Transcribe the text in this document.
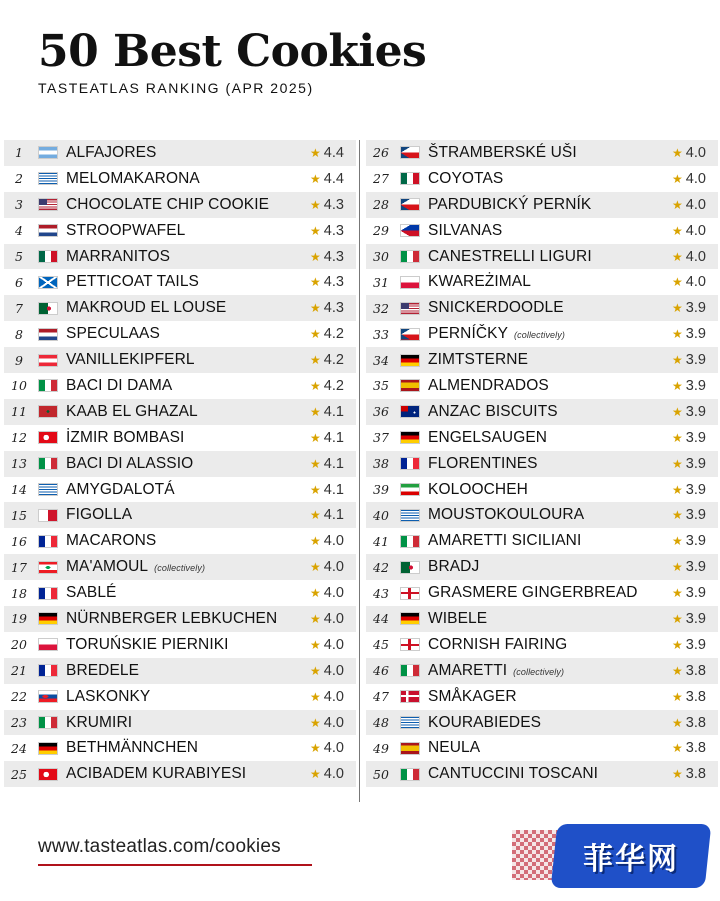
50 Best Cookies
TASTEATLAS RANKING (APR 2025)
1	ALFAJORES	★ 4.4
2	MELOMAKARONA	★ 4.4
3	CHOCOLATE CHIP COOKIE	★ 4.3
4	STROOPWAFEL	★ 4.3
5	MARRANITOS	★ 4.3
6	PETTICOAT TAILS	★ 4.3
7	MAKROUD EL LOUSE	★ 4.3
8	SPECULAAS	★ 4.2
9	VANILLEKIPFERL	★ 4.2
10	BACI DI DAMA	★ 4.2
11	KAAB EL GHAZAL	★ 4.1
12	İZMIR BOMBASI	★ 4.1
13	BACI DI ALASSIO	★ 4.1
14	AMYGDALOTÁ	★ 4.1
15	FIGOLLA	★ 4.1
16	MACARONS	★ 4.0
17	MA'AMOUL (collectively)	★ 4.0
18	SABLÉ	★ 4.0
19	NÜRNBERGER LEBKUCHEN	★ 4.0
20	TORUŃSKIE PIERNIKI	★ 4.0
21	BREDELE	★ 4.0
22	LASKONKY	★ 4.0
23	KRUMIRI	★ 4.0
24	BETHMÄNNCHEN	★ 4.0
25	ACIBADEM KURABIYESI	★ 4.0
26	ŠTRAMBERSKÉ UŠI	★ 4.0
27	COYOTAS	★ 4.0
28	PARDUBICKÝ PERNÍK	★ 4.0
29	SILVANAS	★ 4.0
30	CANESTRELLI LIGURI	★ 4.0
31	KWAREŻIMAL	★ 4.0
32	SNICKERDOODLE	★ 3.9
33	PERNÍČKY (collectively)	★ 3.9
34	ZIMTSTERNE	★ 3.9
35	ALMENDRADOS	★ 3.9
36	ANZAC BISCUITS	★ 3.9
37	ENGELSAUGEN	★ 3.9
38	FLORENTINES	★ 3.9
39	KOLOOCHEH	★ 3.9
40	MOUSTOKOULOURA	★ 3.9
41	AMARETTI SICILIANI	★ 3.9
42	BRADJ	★ 3.9
43	GRASMERE GINGERBREAD	★ 3.9
44	WIBELE	★ 3.9
45	CORNISH FAIRING	★ 3.9
46	AMARETTI (collectively)	★ 3.8
47	SMÅKAGER	★ 3.8
48	KOURABIEDES	★ 3.8
49	NEULA	★ 3.8
50	CANTUCCINI TOSCANI	★ 3.8
www.tasteatlas.com/cookies	菲华网
